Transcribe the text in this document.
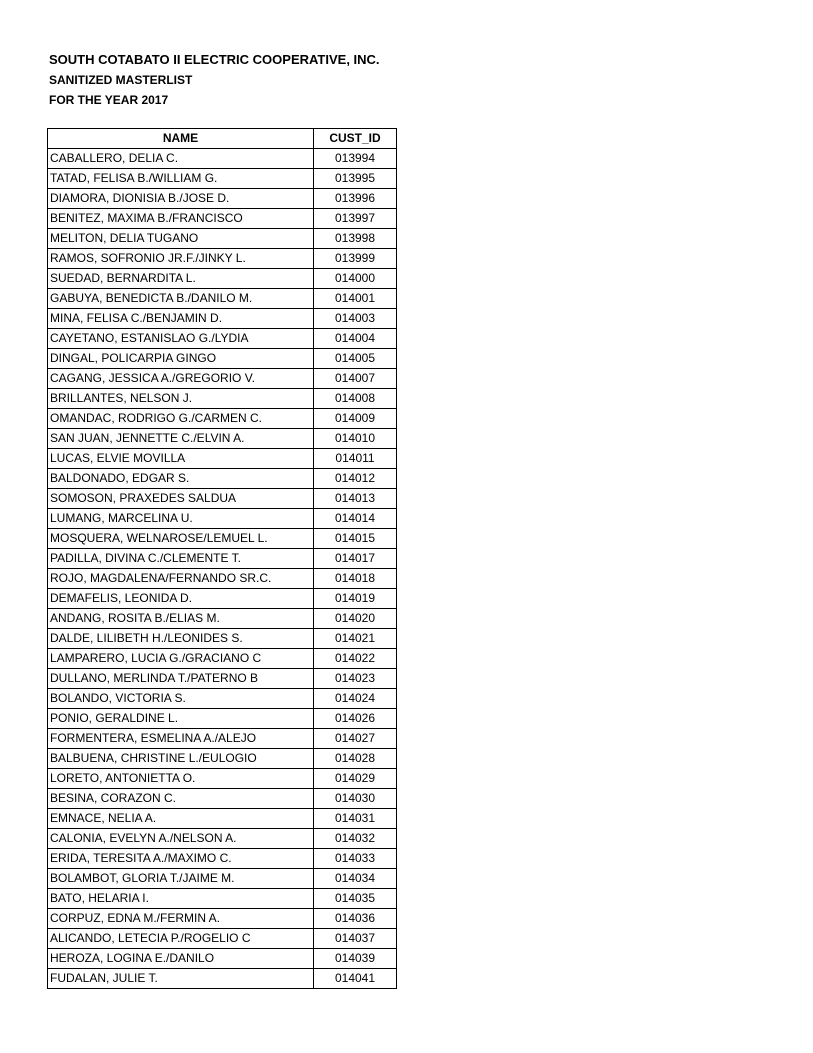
SOUTH COTABATO II ELECTRIC COOPERATIVE, INC.
SANITIZED MASTERLIST
FOR THE YEAR 2017
NAME	CUST_ID
CABALLERO, DELIA C.	013994
TATAD, FELISA B./WILLIAM G.	013995
DIAMORA, DIONISIA B./JOSE D.	013996
BENITEZ, MAXIMA B./FRANCISCO	013997
MELITON, DELIA TUGANO	013998
RAMOS, SOFRONIO JR.F./JINKY L.	013999
SUEDAD, BERNARDITA L.	014000
GABUYA, BENEDICTA B./DANILO M.	014001
MINA, FELISA C./BENJAMIN D.	014003
CAYETANO, ESTANISLAO G./LYDIA	014004
DINGAL, POLICARPIA GINGO	014005
CAGANG, JESSICA A./GREGORIO V.	014007
BRILLANTES, NELSON J.	014008
OMANDAC, RODRIGO G./CARMEN C.	014009
SAN JUAN, JENNETTE C./ELVIN A.	014010
LUCAS, ELVIE MOVILLA	014011
BALDONADO, EDGAR S.	014012
SOMOSON, PRAXEDES SALDUA	014013
LUMANG, MARCELINA U.	014014
MOSQUERA, WELNAROSE/LEMUEL L.	014015
PADILLA, DIVINA C./CLEMENTE T.	014017
ROJO, MAGDALENA/FERNANDO SR.C.	014018
DEMAFELIS, LEONIDA D.	014019
ANDANG, ROSITA B./ELIAS M.	014020
DALDE, LILIBETH H./LEONIDES S.	014021
LAMPARERO, LUCIA G./GRACIANO C	014022
DULLANO, MERLINDA T./PATERNO B	014023
BOLANDO, VICTORIA S.	014024
PONIO, GERALDINE L.	014026
FORMENTERA, ESMELINA A./ALEJO	014027
BALBUENA, CHRISTINE L./EULOGIO	014028
LORETO, ANTONIETTA O.	014029
BESINA, CORAZON C.	014030
EMNACE, NELIA A.	014031
CALONIA, EVELYN A./NELSON A.	014032
ERIDA, TERESITA A./MAXIMO C.	014033
BOLAMBOT, GLORIA T./JAIME M.	014034
BATO, HELARIA I.	014035
CORPUZ, EDNA M./FERMIN A.	014036
ALICANDO, LETECIA P./ROGELIO C	014037
HEROZA, LOGINA E./DANILO	014039
FUDALAN, JULIE T.	014041
